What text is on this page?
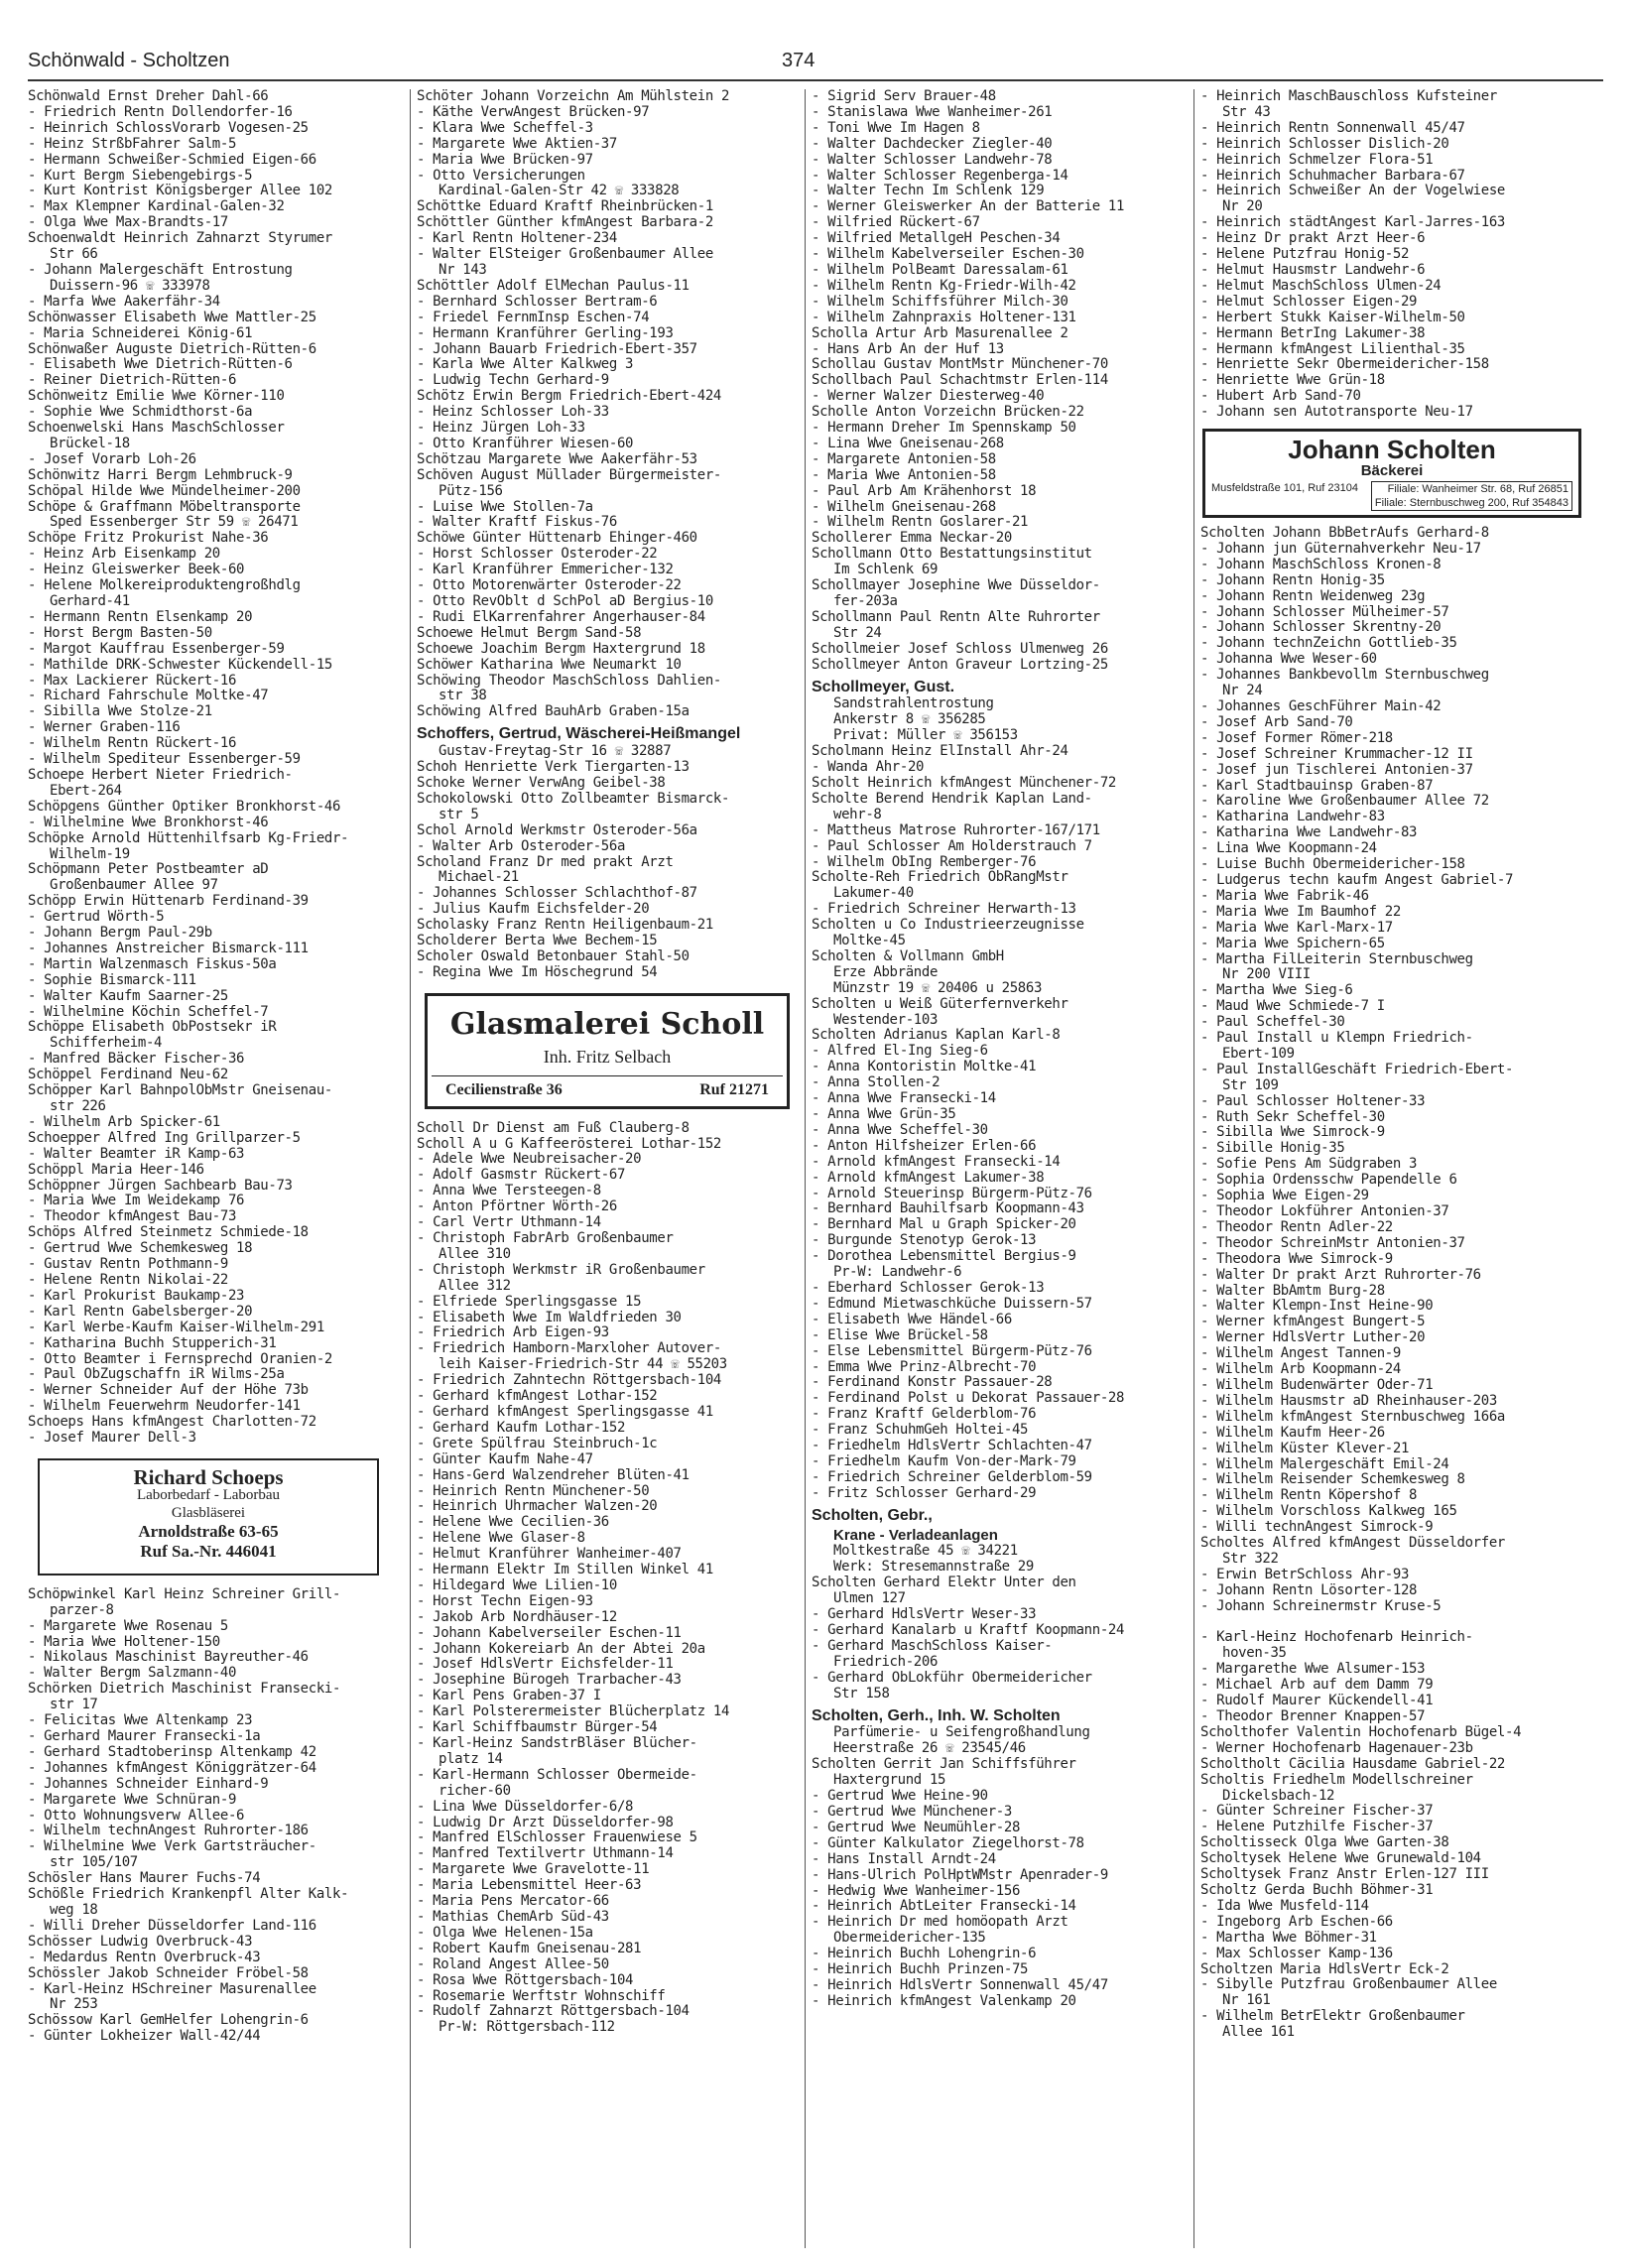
Schönwald - Scholtzen	374

Schönwald Ernst Dreher Dahl-66

- Friedrich Rentn Dollendorfer-16

- Heinrich SchlossVorarb Vogesen-25

- Heinz StrßbFahrer Salm-5

- Hermann Schweißer-Schmied Eigen-66

- Kurt Bergm Siebengebirgs-5

- Kurt Kontrist Königsberger Allee 102

- Max Klempner Kardinal-Galen-32

- Olga Wwe Max-Brandts-17

Schoenwaldt Heinrich Zahnarzt Styrumer

Str 66

- Johann Malergeschäft Entrostung

Duissern-96 ☏ 333978

- Marfa Wwe Aakerfähr-34

Schönwasser Elisabeth Wwe Mattler-25

- Maria Schneiderei König-61

Schönwaßer Auguste Dietrich-Rütten-6

- Elisabeth Wwe Dietrich-Rütten-6

- Reiner Dietrich-Rütten-6

Schönweitz Emilie Wwe Körner-110

- Sophie Wwe Schmidthorst-6a

Schoenwelski Hans MaschSchlosser

Brückel-18

- Josef Vorarb Loh-26

Schönwitz Harri Bergm Lehmbruck-9

Schöpal Hilde Wwe Mündelheimer-200

Schöpe & Graffmann Möbeltransporte

Sped Essenberger Str 59 ☏ 26471

Schöpe Fritz Prokurist Nahe-36

- Heinz Arb Eisenkamp 20

- Heinz Gleiswerker Beek-60

- Helene Molkereiproduktengroßhdlg

Gerhard-41

- Hermann Rentn Elsenkamp 20

- Horst Bergm Basten-50

- Margot Kauffrau Essenberger-59

- Mathilde DRK-Schwester Kückendell-15

- Max Lackierer Rückert-16

- Richard Fahrschule Moltke-47

- Sibilla Wwe Stolze-21

- Werner Graben-116

- Wilhelm Rentn Rückert-16

- Wilhelm Spediteur Essenberger-59

Schoepe Herbert Nieter Friedrich-

Ebert-264

Schöpgens Günther Optiker Bronkhorst-46

- Wilhelmine Wwe Bronkhorst-46

Schöpke Arnold Hüttenhilfsarb Kg-Friedr-

Wilhelm-19

Schöpmann Peter Postbeamter aD

Großenbaumer Allee 97

Schöpp Erwin Hüttenarb Ferdinand-39

- Gertrud Wörth-5

- Johann Bergm Paul-29b

- Johannes Anstreicher Bismarck-111

- Martin Walzenmasch Fiskus-50a

- Sophie Bismarck-111

- Walter Kaufm Saarner-25

- Wilhelmine Köchin Scheffel-7

Schöppe Elisabeth ObPostsekr iR

Schifferheim-4

- Manfred Bäcker Fischer-36

Schöppel Ferdinand Neu-62

Schöpper Karl BahnpolObMstr Gneisenau-

str 226

- Wilhelm Arb Spicker-61

Schoepper Alfred Ing Grillparzer-5

- Walter Beamter iR Kamp-63

Schöppl Maria Heer-146

Schöppner Jürgen Sachbearb Bau-73

- Maria Wwe Im Weidekamp 76

- Theodor kfmAngest Bau-73

Schöps Alfred Steinmetz Schmiede-18

- Gertrud Wwe Schemkesweg 18

- Gustav Rentn Pothmann-9

- Helene Rentn Nikolai-22

- Karl Prokurist Baukamp-23

- Karl Rentn Gabelsberger-20

- Karl Werbe-Kaufm Kaiser-Wilhelm-291

- Katharina Buchh Stupperich-31

- Otto Beamter i Fernsprechd Oranien-2

- Paul ObZugschaffn iR Wilms-25a

- Werner Schneider Auf der Höhe 73b

- Wilhelm Feuerwehrm Neudorfer-141

Schoeps Hans kfmAngest Charlotten-72

- Josef Maurer Dell-3

Richard Schoeps
Laborbedarf - Laborbau
Glasbläserei
Arnoldstraße 63-65
Ruf Sa.-Nr. 446041

Schöpwinkel Karl Heinz Schreiner Grill-

parzer-8

- Margarete Wwe Rosenau 5

- Maria Wwe Holtener-150

- Nikolaus Maschinist Bayreuther-46

- Walter Bergm Salzmann-40

Schörken Dietrich Maschinist Fransecki-

str 17

- Felicitas Wwe Altenkamp 23

- Gerhard Maurer Fransecki-1a

- Gerhard Stadtoberinsp Altenkamp 42

- Johannes kfmAngest Königgrätzer-64

- Johannes Schneider Einhard-9

- Margarete Wwe Schnüran-9

- Otto Wohnungsverw Allee-6

- Wilhelm technAngest Ruhrorter-186

- Wilhelmine Wwe Verk Gartsträucher-

str 105/107

Schösler Hans Maurer Fuchs-74

Schößle Friedrich Krankenpfl Alter Kalk-

weg 18

- Willi Dreher Düsseldorfer Land-116

Schösser Ludwig Overbruck-43

- Medardus Rentn Overbruck-43

Schössler Jakob Schneider Fröbel-58

- Karl-Heinz HSchreiner Masurenallee

Nr 253

Schössow Karl GemHelfer Lohengrin-6

- Günter Lokheizer Wall-42/44

Schöter Johann Vorzeichn Am Mühlstein 2

- Käthe VerwAngest Brücken-97

- Klara Wwe Scheffel-3

- Margarete Wwe Aktien-37

- Maria Wwe Brücken-97

- Otto Versicherungen

Kardinal-Galen-Str 42 ☏ 333828

Schöttke Eduard Kraftf Rheinbrücken-1

Schöttler Günther kfmAngest Barbara-2

- Karl Rentn Holtener-234

- Walter ElSteiger Großenbaumer Allee

Nr 143

Schöttler Adolf ElMechan Paulus-11

- Bernhard Schlosser Bertram-6

- Friedel FernmInsp Eschen-74

- Hermann Kranführer Gerling-193

- Johann Bauarb Friedrich-Ebert-357

- Karla Wwe Alter Kalkweg 3

- Ludwig Techn Gerhard-9

Schötz Erwin Bergm Friedrich-Ebert-424

- Heinz Schlosser Loh-33

- Heinz Jürgen Loh-33

- Otto Kranführer Wiesen-60

Schötzau Margarete Wwe Aakerfähr-53

Schöven August Müllader Bürgermeister-

Pütz-156

- Luise Wwe Stollen-7a

- Walter Kraftf Fiskus-76

Schöwe Günter Hüttenarb Ehinger-460

- Horst Schlosser Osteroder-22

- Karl Kranführer Emmericher-132

- Otto Motorenwärter Osteroder-22

- Otto RevOblt d SchPol aD Bergius-10

- Rudi ElKarrenfahrer Angerhauser-84

Schoewe Helmut Bergm Sand-58

Schoewe Joachim Bergm Haxtergrund 18

Schöwer Katharina Wwe Neumarkt 10

Schöwing Theodor MaschSchloss Dahlien-

str 38

Schöwing Alfred BauhArb Graben-15a

Schoffers, Gertrud, Wäscherei-Heißmangel

Gustav-Freytag-Str 16 ☏ 32887

Schoh Henriette Verk Tiergarten-13

Schoke Werner VerwAng Geibel-38

Schokolowski Otto Zollbeamter Bismarck-

str 5

Schol Arnold Werkmstr Osteroder-56a

- Walter Arb Osteroder-56a

Scholand Franz Dr med prakt Arzt

Michael-21

- Johannes Schlosser Schlachthof-87

- Julius Kaufm Eichsfelder-20

Scholasky Franz Rentn Heiligenbaum-21

Scholderer Berta Wwe Bechem-15

Scholer Oswald Betonbauer Stahl-50

- Regina Wwe Im Höschegrund 54

Glasmalerei Scholl
Inh. Fritz Selbach
Cecilienstraße 36	Ruf 21271

Scholl Dr Dienst am Fuß Clauberg-8

Scholl A u G Kaffeerösterei Lothar-152

- Adele Wwe Neubreisacher-20

- Adolf Gasmstr Rückert-67

- Anna Wwe Tersteegen-8

- Anton Pförtner Wörth-26

- Carl Vertr Uthmann-14

- Christoph FabrArb Großenbaumer

Allee 310

- Christoph Werkmstr iR Großenbaumer

Allee 312

- Elfriede Sperlingsgasse 15

- Elisabeth Wwe Im Waldfrieden 30

- Friedrich Arb Eigen-93

- Friedrich Hamborn-Marxloher Autover-

leih Kaiser-Friedrich-Str 44 ☏ 55203

- Friedrich Zahntechn Röttgersbach-104

- Gerhard kfmAngest Lothar-152

- Gerhard kfmAngest Sperlingsgasse 41

- Gerhard Kaufm Lothar-152

- Grete Spülfrau Steinbruch-1c

- Günter Kaufm Nahe-47

- Hans-Gerd Walzendreher Blüten-41

- Heinrich Rentn Münchener-50

- Heinrich Uhrmacher Walzen-20

- Helene Wwe Cecilien-36

- Helene Wwe Glaser-8

- Helmut Kranführer Wanheimer-407

- Hermann Elektr Im Stillen Winkel 41

- Hildegard Wwe Lilien-10

- Horst Techn Eigen-93

- Jakob Arb Nordhäuser-12

- Johann Kabelverseiler Eschen-11

- Johann Kokereiarb An der Abtei 20a

- Josef HdlsVertr Eichsfelder-11

- Josephine Bürogeh Trarbacher-43

- Karl Pens Graben-37 I

- Karl Polsterermeister Blücherplatz 14

- Karl Schiffbaumstr Bürger-54

- Karl-Heinz SandstrBläser Blücher-

platz 14

- Karl-Hermann Schlosser Obermeide-

richer-60

- Lina Wwe Düsseldorfer-6/8

- Ludwig Dr Arzt Düsseldorfer-98

- Manfred ElSchlosser Frauenwiese 5

- Manfred Textilvertr Uthmann-14

- Margarete Wwe Gravelotte-11

- Maria Lebensmittel Heer-63

- Maria Pens Mercator-66

- Mathias ChemArb Süd-43

- Olga Wwe Helenen-15a

- Robert Kaufm Gneisenau-281

- Roland Angest Allee-50

- Rosa Wwe Röttgersbach-104

- Rosemarie Werftstr Wohnschiff

- Rudolf Zahnarzt Röttgersbach-104

Pr-W: Röttgersbach-112

- Sigrid Serv Brauer-48

- Stanislawa Wwe Wanheimer-261

- Toni Wwe Im Hagen 8

- Walter Dachdecker Ziegler-40

- Walter Schlosser Landwehr-78

- Walter Schlosser Regenberga-14

- Walter Techn Im Schlenk 129

- Werner Gleiswerker An der Batterie 11

- Wilfried Rückert-67

- Wilfried MetallgeH Peschen-34

- Wilhelm Kabelverseiler Eschen-30

- Wilhelm PolBeamt Daressalam-61

- Wilhelm Rentn Kg-Friedr-Wilh-42

- Wilhelm Schiffsführer Milch-30

- Wilhelm Zahnpraxis Holtener-131

Scholla Artur Arb Masurenallee 2

- Hans Arb An der Huf 13

Schollau Gustav MontMstr Münchener-70

Schollbach Paul Schachtmstr Erlen-114

- Werner Walzer Diesterweg-40

Scholle Anton Vorzeichn Brücken-22

- Hermann Dreher Im Spennskamp 50

- Lina Wwe Gneisenau-268

- Margarete Antonien-58

- Maria Wwe Antonien-58

- Paul Arb Am Krähenhorst 18

- Wilhelm Gneisenau-268

- Wilhelm Rentn Goslarer-21

Schollerer Emma Neckar-20

Schollmann Otto Bestattungsinstitut

Im Schlenk 69

Schollmayer Josephine Wwe Düsseldor-

fer-203a

Schollmann Paul Rentn Alte Ruhrorter

Str 24

Schollmeier Josef Schloss Ulmenweg 26

Schollmeyer Anton Graveur Lortzing-25

Schollmeyer, Gust.

Sandstrahlentrostung

Ankerstr 8 ☏ 356285

Privat: Müller ☏ 356153

Scholmann Heinz ElInstall Ahr-24

- Wanda Ahr-20

Scholt Heinrich kfmAngest Münchener-72

Scholte Berend Hendrik Kaplan Land-

wehr-8

- Mattheus Matrose Ruhrorter-167/171

- Paul Schlosser Am Holderstrauch 7

- Wilhelm ObIng Remberger-76

Scholte-Reh Friedrich ObRangMstr

Lakumer-40

- Friedrich Schreiner Herwarth-13

Scholten u Co Industrieerzeugnisse

Moltke-45

Scholten & Vollmann GmbH

Erze Abbrände

Münzstr 19 ☏ 20406 u 25863

Scholten u Weiß Güterfernverkehr

Westender-103

Scholten Adrianus Kaplan Karl-8

- Alfred El-Ing Sieg-6

- Anna Kontoristin Moltke-41

- Anna Stollen-2

- Anna Wwe Fransecki-14

- Anna Wwe Grün-35

- Anna Wwe Scheffel-30

- Anton Hilfsheizer Erlen-66

- Arnold kfmAngest Fransecki-14

- Arnold kfmAngest Lakumer-38

- Arnold Steuerinsp Bürgerm-Pütz-76

- Bernhard Bauhilfsarb Koopmann-43

- Bernhard Mal u Graph Spicker-20

- Burgunde Stenotyp Gerok-13

- Dorothea Lebensmittel Bergius-9

Pr-W: Landwehr-6

- Eberhard Schlosser Gerok-13

- Edmund Mietwaschküche Duissern-57

- Elisabeth Wwe Händel-66

- Elise Wwe Brückel-58

- Else Lebensmittel Bürgerm-Pütz-76

- Emma Wwe Prinz-Albrecht-70

- Ferdinand Konstr Passauer-28

- Ferdinand Polst u Dekorat Passauer-28

- Franz Kraftf Gelderblom-76

- Franz SchuhmGeh Holtei-45

- Friedhelm HdlsVertr Schlachten-47

- Friedhelm Kaufm Von-der-Mark-79

- Friedrich Schreiner Gelderblom-59

- Fritz Schlosser Gerhard-29

Scholten, Gebr.,

Krane - Verladeanlagen

Moltkestraße 45 ☏ 34221

Werk: Stresemannstraße 29

Scholten Gerhard Elektr Unter den

Ulmen 127

- Gerhard HdlsVertr Weser-33

- Gerhard Kanalarb u Kraftf Koopmann-24

- Gerhard MaschSchloss Kaiser-

Friedrich-206

- Gerhard ObLokführ Obermeidericher

Str 158

Scholten, Gerh., Inh. W. Scholten

Parfümerie- u Seifengroßhandlung

Heerstraße 26 ☏ 23545/46

Scholten Gerrit Jan Schiffsführer

Haxtergrund 15

- Gertrud Wwe Heine-90

- Gertrud Wwe Münchener-3

- Gertrud Wwe Neumühler-28

- Günter Kalkulator Ziegelhorst-78

- Hans Install Arndt-24

- Hans-Ulrich PolHptWMstr Apenrader-9

- Hedwig Wwe Wanheimer-156

- Heinrich AbtLeiter Fransecki-14

- Heinrich Dr med homöopath Arzt

Obermeidericher-135

- Heinrich Buchh Lohengrin-6

- Heinrich Buchh Prinzen-75

- Heinrich HdlsVertr Sonnenwall 45/47

- Heinrich kfmAngest Valenkamp 20

- Heinrich MaschBauschloss Kufsteiner

Str 43

- Heinrich Rentn Sonnenwall 45/47

- Heinrich Schlosser Dislich-20

- Heinrich Schmelzer Flora-51

- Heinrich Schuhmacher Barbara-67

- Heinrich Schweißer An der Vogelwiese

Nr 20

- Heinrich städtAngest Karl-Jarres-163

- Heinz Dr prakt Arzt Heer-6

- Helene Putzfrau Honig-52

- Helmut Hausmstr Landwehr-6

- Helmut MaschSchloss Ulmen-24

- Helmut Schlosser Eigen-29

- Herbert Stukk Kaiser-Wilhelm-50

- Hermann BetrIng Lakumer-38

- Hermann kfmAngest Lilienthal-35

- Henriette Sekr Obermeidericher-158

- Henriette Wwe Grün-18

- Hubert Arb Sand-70

- Johann sen Autotransporte Neu-17

Johann Scholten
Bäckerei
Musfeldstraße 101, Ruf 23104	Filiale: Wanheimer Str. 68, Ruf 26851
Filiale: Sternbuschweg 200, Ruf 354843

Scholten Johann BbBetrAufs Gerhard-8

- Johann jun Güternahverkehr Neu-17

- Johann MaschSchloss Kronen-8

- Johann Rentn Honig-35

- Johann Rentn Weidenweg 23g

- Johann Schlosser Mülheimer-57

- Johann Schlosser Skrentny-20

- Johann technZeichn Gottlieb-35

- Johanna Wwe Weser-60

- Johannes Bankbevollm Sternbuschweg

Nr 24

- Johannes GeschFührer Main-42

- Josef Arb Sand-70

- Josef Former Römer-218

- Josef Schreiner Krummacher-12 II

- Josef jun Tischlerei Antonien-37

- Karl Stadtbauinsp Graben-87

- Karoline Wwe Großenbaumer Allee 72

- Katharina Landwehr-83

- Katharina Wwe Landwehr-83

- Lina Wwe Koopmann-24

- Luise Buchh Obermeidericher-158

- Ludgerus techn kaufm Angest Gabriel-7

- Maria Wwe Fabrik-46

- Maria Wwe Im Baumhof 22

- Maria Wwe Karl-Marx-17

- Maria Wwe Spichern-65

- Martha FilLeiterin Sternbuschweg

Nr 200 VIII

- Martha Wwe Sieg-6

- Maud Wwe Schmiede-7 I

- Paul Scheffel-30

- Paul Install u Klempn Friedrich-

Ebert-109

- Paul InstallGeschäft Friedrich-Ebert-

Str 109

- Paul Schlosser Holtener-33

- Ruth Sekr Scheffel-30

- Sibilla Wwe Simrock-9

- Sibille Honig-35

- Sofie Pens Am Südgraben 3

- Sophia Ordensschw Papendelle 6

- Sophia Wwe Eigen-29

- Theodor Lokführer Antonien-37

- Theodor Rentn Adler-22

- Theodor SchreinMstr Antonien-37

- Theodora Wwe Simrock-9

- Walter Dr prakt Arzt Ruhrorter-76

- Walter BbAmtm Burg-28

- Walter Klempn-Inst Heine-90

- Werner kfmAngest Bungert-5

- Werner HdlsVertr Luther-20

- Wilhelm Angest Tannen-9

- Wilhelm Arb Koopmann-24

- Wilhelm Budenwärter Oder-71

- Wilhelm Hausmstr aD Rheinhauser-203

- Wilhelm kfmAngest Sternbuschweg 166a

- Wilhelm Kaufm Heer-26

- Wilhelm Küster Klever-21

- Wilhelm Malergeschäft Emil-24

- Wilhelm Reisender Schemkesweg 8

- Wilhelm Rentn Köpershof 8

- Wilhelm Vorschloss Kalkweg 165

- Willi technAngest Simrock-9

Scholtes Alfred kfmAngest Düsseldorfer

Str 322

- Erwin BetrSchloss Ahr-93

- Johann Rentn Lösorter-128

- Johann Schreinermstr Kruse-5

- Karl-Heinz Hochofenarb Heinrich-

hoven-35

- Margarethe Wwe Alsumer-153

- Michael Arb auf dem Damm 79

- Rudolf Maurer Kückendell-41

- Theodor Brenner Knappen-57

Scholthofer Valentin Hochofenarb Bügel-4

- Werner Hochofenarb Hagenauer-23b

Scholtholt Cäcilia Hausdame Gabriel-22

Scholtis Friedhelm Modellschreiner

Dickelsbach-12

- Günter Schreiner Fischer-37

- Helene Putzhilfe Fischer-37

Scholtisseck Olga Wwe Garten-38

Scholtysek Helene Wwe Grunewald-104

Scholtysek Franz Anstr Erlen-127 III

Scholtz Gerda Buchh Böhmer-31

- Ida Wwe Musfeld-114

- Ingeborg Arb Eschen-66

- Martha Wwe Böhmer-31

- Max Schlosser Kamp-136

Scholtzen Maria HdlsVertr Eck-2

- Sibylle Putzfrau Großenbaumer Allee

Nr 161

- Wilhelm BetrElektr Großenbaumer

Allee 161
